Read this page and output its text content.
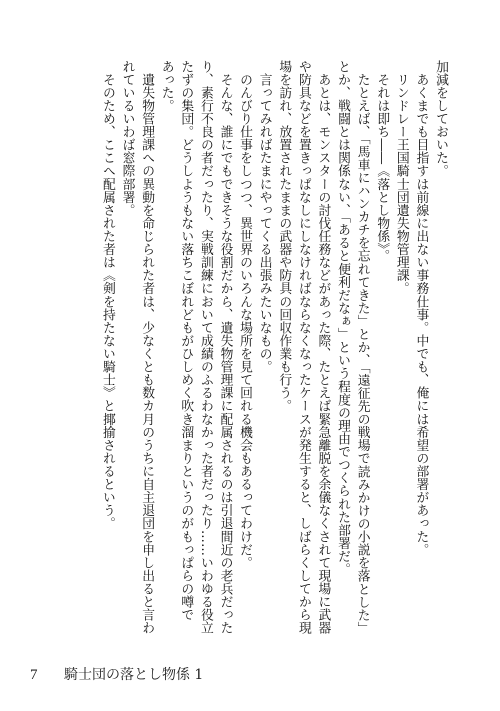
加減をしておいた。
　あくまでも目指すは前線に出ない事務仕事。中でも、俺には希望の部署があった。
　リンドレー王国騎士団遺失物管理課。
　それは即ち――《落とし物係》。
　たとえば、「馬車にハンカチを忘れてきた」とか、「遠征先の戦場で読みかけの小説を落とした」
とか、戦闘とは関係ない、「あると便利だなぁ」という程度の理由でつくられた部署だ。
　あとは、モンスターの討伐任務などがあった際、たとえば緊急離脱を余儀なくされて現場に武器
や防具などを置きっぱなしにしなければならなくなったケースが発生すると、しばらくしてから現
場を訪れ、放置されたままの武器や防具の回収作業も行う。
　言ってみればたまにやってくる出張みたいなもの。
　のんびり仕事をしつつ、異世界のいろんな場所を見て回れる機会もあるってわけだ。
　そんな、誰にでもできそうな役割だから、遺失物管理課に配属されるのは引退間近の老兵だった
り、素行不良の者だったり、実戦訓練において成績のふるわなかった者だったり……いわゆる役立
たずの集団。どうしようもない落ちこぼれどもがひしめく吹き溜まりというのがもっぱらの噂で
あった。
　遺失物管理課への異動を命じられた者は、少なくとも数カ月のうちに自主退団を申し出ると言わ
れているいわば窓際部署。
　そのため、ここへ配属された者は《剣を持たない騎士》と揶揄されるという。
7 騎士団の落とし物係 1
